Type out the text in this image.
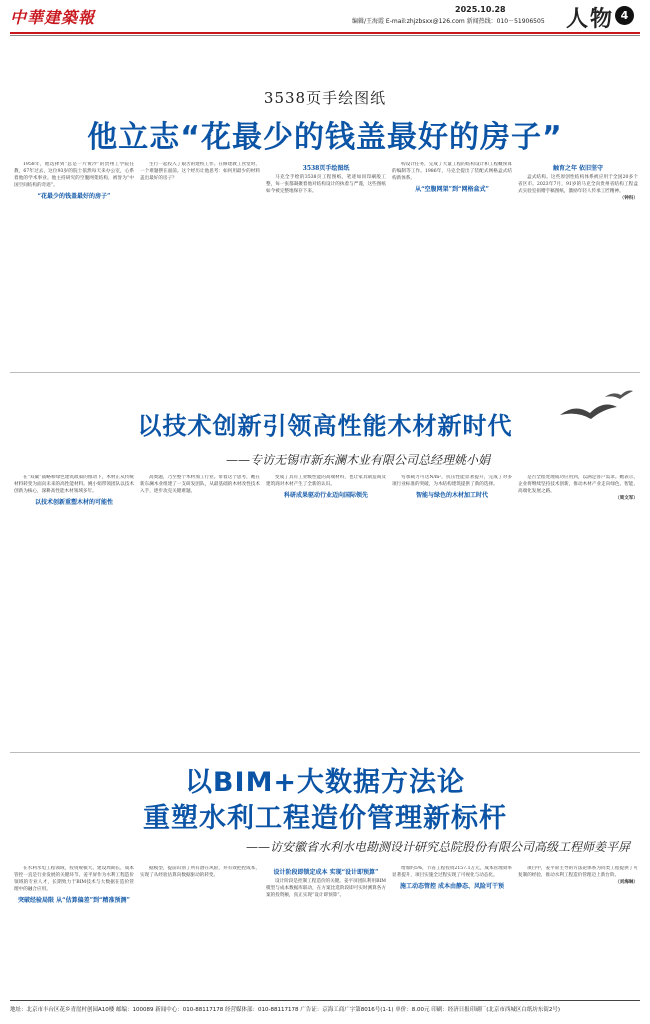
中華建築報	2025.10.28
编辑/王海霞 E-mail:zhjzbsxx@126.com 新闻热线：010－51906505 人物 4
3538页手绘图纸
他立志“花最少的钱盖最好的房子”

1958年，他选择到“总是一片黄沙”的贵州工学院任教，67年过去，这位93岁的院士依然每天来办公室，心系着他的学术事业。他主持研究的空腹网架结构，被誉为“中国空间结构的奇迹”。

“花最少的钱盖最好的房子”

生行一起投入了艰苦的建校工作。在修建教工食堂时，一个难题摆在面前。这个经历让他思考：如何用最少的材料盖出最好的房子？

3538页手绘图纸

马克全手绘的3538页工程图纸，笔迹如同印刷般工整，每一张都凝聚着他对结构设计的执着与严谨，这些图纸如今被完整地保存下来。

构设计任务，完成了大量工程的结构设计和工程概预算的编制等工作。1986年，马克全提出了装配式网格盒式结构新体系。

从“空腹网架”到“网格盒式”
触育之年 依旧坚守

盒式结构。这些原创性结构体系被应用于全国20多个省区市。2023年7月，91岁的马克全向贵州省结构工程盒式实验室捐赠手稿图纸，激励年轻人传承工匠精神。

（钟科）

以技术创新引领高性能木材新时代
——专访无锡市新东澜木业有限公司总经理姚小娟

在“双碳”战略和绿色建筑政策的推动下，木材正从传统材料转变为面向未来的高性能材料。姚小娟带领团队以技术创新为核心，深耕高性能木材领域多年。

以技术创新重塑木材的可能性

高奥题，乃至整个木材加工行业。带着这个思考，她在新东澜木业组建了一支研发团队，从最基础的木材改性技术入手，逐步攻克关键难题。

变成了具有工业级性能的高端材料，也让家具制造商及建筑商对木材产生了全新的认识。

科研成果驱动行业迈向国际领先

弯承载力可达N/m²，抗压性能显著提升，完成了对多项行业标准的突破，为木结构建筑提供了新的选择。

智能与绿色的木材加工时代

是否全程处理成功应用到，以满足客户需求。她表示，企业将继续坚持技术创新，推动木材产业走向绿色、智能、高端化发展之路。

（周文军）

以BIM+大数据方法论
重塑水利工程造价管理新标杆
——访安徽省水利水电勘测设计研究总院股份有限公司高级工程师姜平屏

在水利水电工程领域，投资规模大、建设周期长，成本管控一直是行业发展的关键环节。姜平屏作为水利工程造价领域的专业人才，长期致力于BIM技术与大数据在造价管理中的融合应用。

突破经验局限 从“估算偏差”到“精准预测”

据模型，提前识别了所有潜在风险，并有效把控成本，实现了从经验估算向数据驱动的转变。	设计阶段即锁定成本 实现“设计即预算”

设计阶段是控制工程造价的关键。姜平屏团队利用BIM模型与成本数据库联动，在方案比选阶段即可实时测算各方案的投资额，真正实现“设计即预算”。

增加约5%，节省工程投资2157.1万元，成本管理效率显著提升，项目实施全过程实现了可视化与动态化。

施工动态管控 成本由静态、风险可干预

项目中，姜平屏主导的方法论体系为同类工程提供了可复制的经验，推动水利工程造价管理迈上新台阶。

（刘海琳）

地址：北京市丰台区花乡青崖村创园A10楼 邮编：100089 新闻中心：010-88117178 经营媒体部：010-88117178 广告证：京海工商广字第8016号(1-1) 单价：8.00元 印刷：经济日报印刷厂(北京市西城区白纸坊东街2号)
